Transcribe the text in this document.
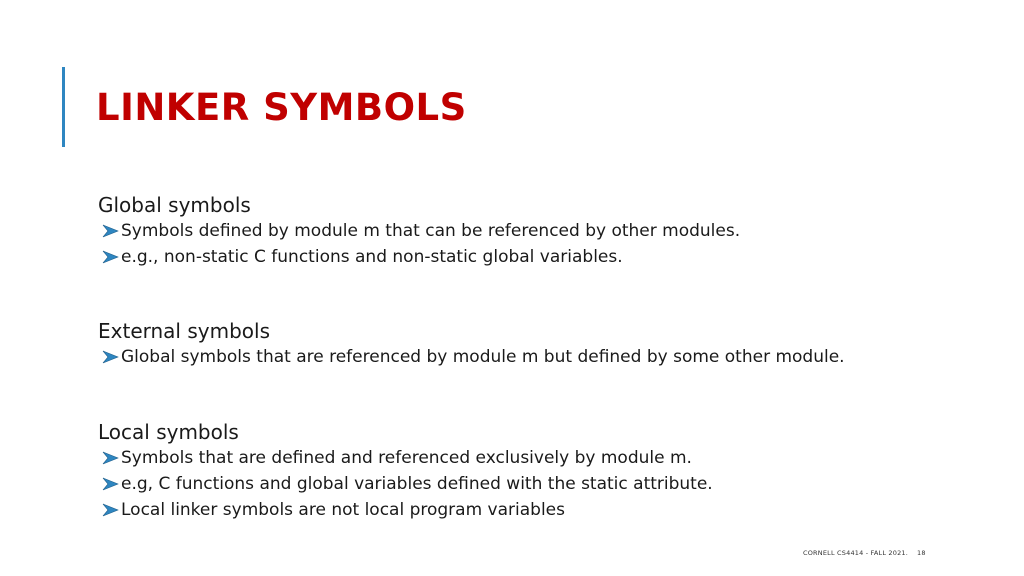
LINKER SYMBOLS

Global symbols

Symbols defined by module m that can be referenced by other modules.
e.g., non-static C functions and non-static global variables.

External symbols

Global symbols that are referenced by module m but defined by some other module.

Local symbols

Symbols that are defined and referenced exclusively by module m.
e.g, C functions and global variables defined with the static attribute.
Local linker symbols are not local program variables
CORNELL CS4414 - FALL 2021. 18
